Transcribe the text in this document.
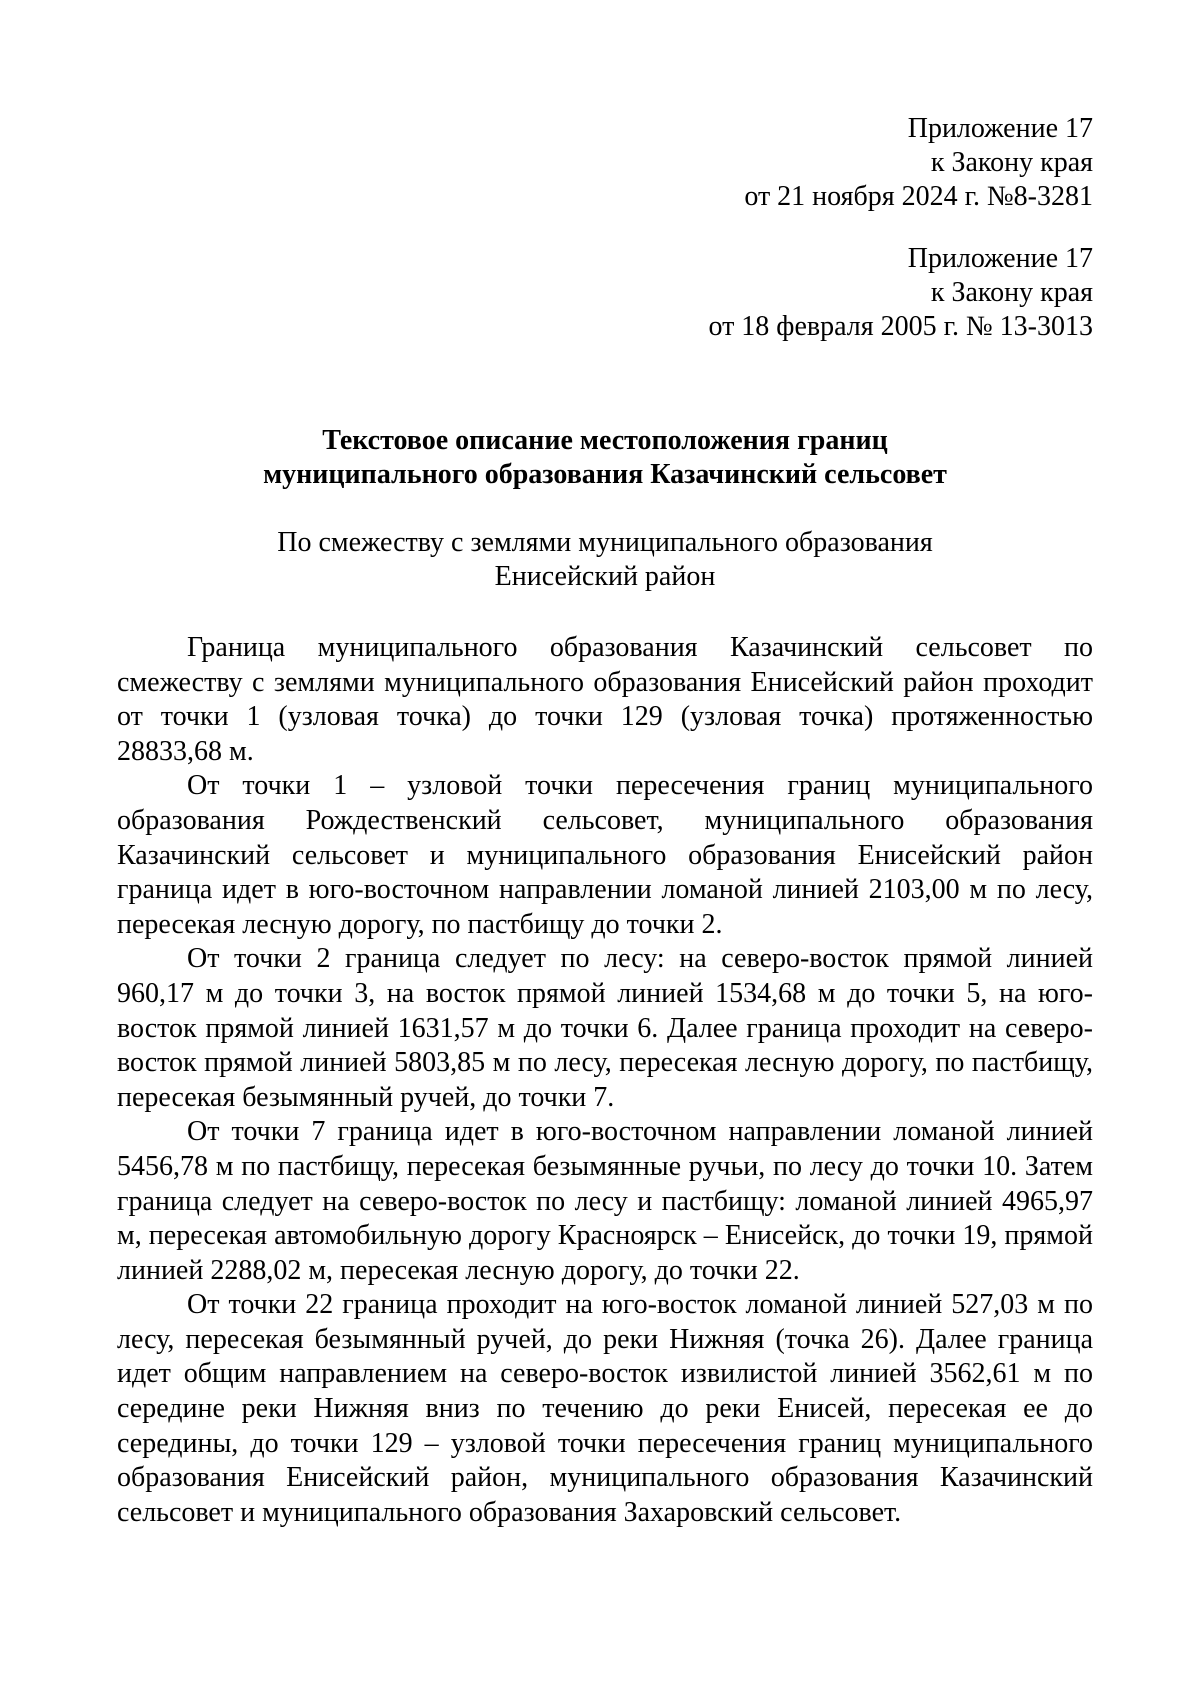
Приложение 17
к Закону края
от 21 ноября 2024 г. №8-3281
Приложение 17
к Закону края
от 18 февраля 2005 г. № 13-3013
Текстовое описание местоположения границ
муниципального образования Казачинский сельсовет
По смежеству с землями муниципального образования
Енисейский район

Граница муниципального образования Казачинский сельсовет по смежеству с землями муниципального образования Енисейский район проходит от точки 1 (узловая точка) до точки 129 (узловая точка) протяженностью 28833,68 м.

От точки 1 – узловой точки пересечения границ муниципального образования Рождественский сельсовет, муниципального образования Казачинский сельсовет и муниципального образования Енисейский район граница идет в юго-восточном направлении ломаной линией 2103,00 м по лесу, пересекая лесную дорогу, по пастбищу до точки 2.

От точки 2 граница следует по лесу: на северо-восток прямой линией 960,17 м до точки 3, на восток прямой линией 1534,68 м до точки 5, на юго-восток прямой линией 1631,57 м до точки 6. Далее граница проходит на северо-восток прямой линией 5803,85 м по лесу, пересекая лесную дорогу, по пастбищу, пересекая безымянный ручей, до точки 7.

От точки 7 граница идет в юго-восточном направлении ломаной линией 5456,78 м по пастбищу, пересекая безымянные ручьи, по лесу до точки 10. Затем граница следует на северо-восток по лесу и пастбищу: ломаной линией 4965,97 м, пересекая автомобильную дорогу Красноярск – Енисейск, до точки 19, прямой линией 2288,02 м, пересекая лесную дорогу, до точки 22.

От точки 22 граница проходит на юго-восток ломаной линией 527,03 м по лесу, пересекая безымянный ручей, до реки Нижняя (точка 26). Далее граница идет общим направлением на северо-восток извилистой линией 3562,61 м по середине реки Нижняя вниз по течению до реки Енисей, пересекая ее до середины, до точки 129 – узловой точки пересечения границ муниципального образования Енисейский район, муниципального образования Казачинский сельсовет и муниципального образования Захаровский сельсовет.
